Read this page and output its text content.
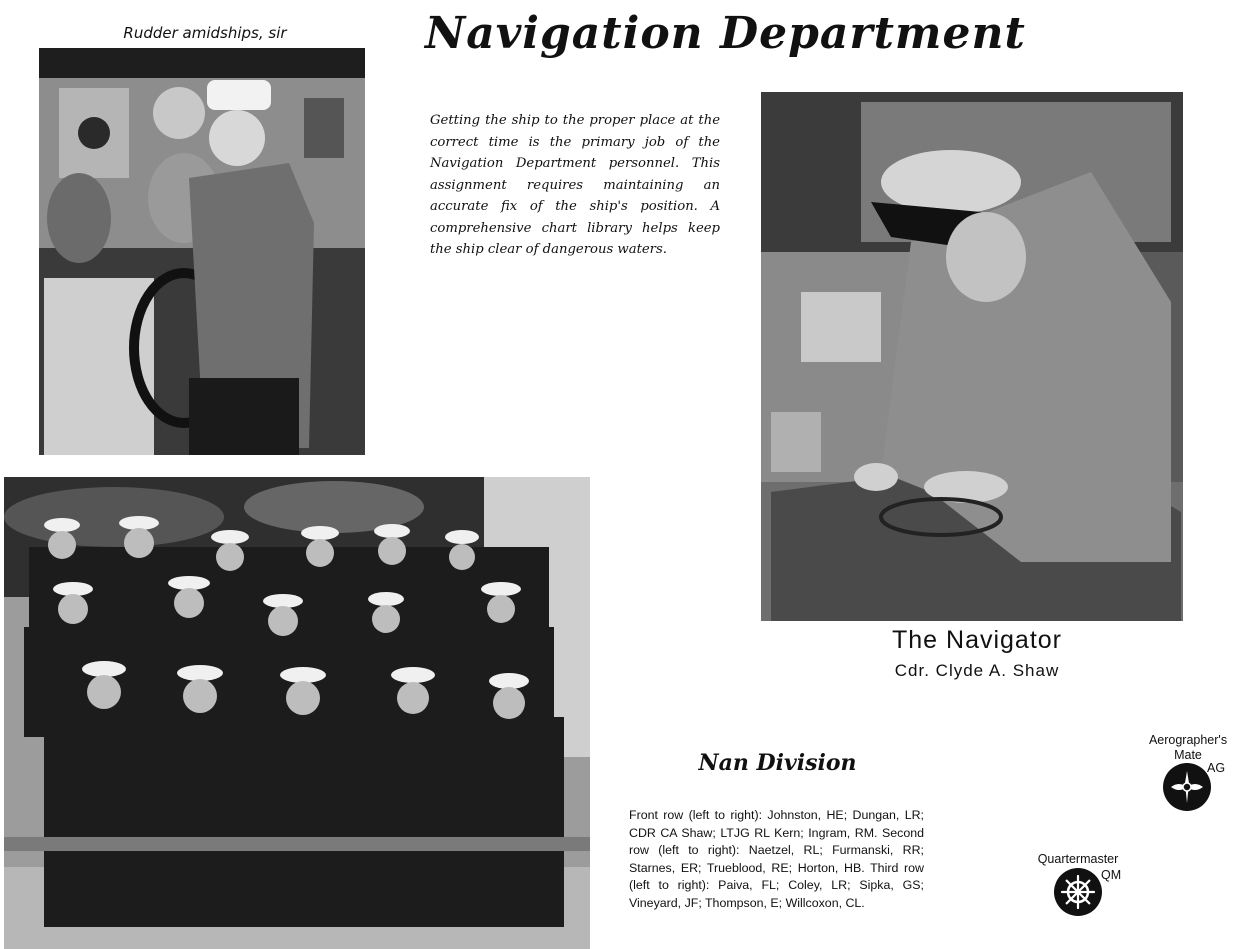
Rudder amidships, sir	Navigation Department
Getting the ship to the proper place at the correct time is the primary job of the Navigation Department personnel. This assignment requires maintaining an accurate fix of the ship's position. A comprehensive chart library helps keep the ship clear of dangerous waters.
The Navigator
Cdr. Clyde A. Shaw
Nan Division
Front row (left to right): Johnston, HE; Dungan, LR; CDR CA Shaw; LTJG RL Kern; Ingram, RM. Second row (left to right): Naetzel, RL; Furmanski, RR; Starnes, ER; Trueblood, RE; Horton, HB. Third row (left to right): Paiva, FL; Coley, LR; Sipka, GS; Vineyard, JF; Thompson, E; Willcoxon, CL.
Aerographer's Mate
AG
Quartermaster
QM
